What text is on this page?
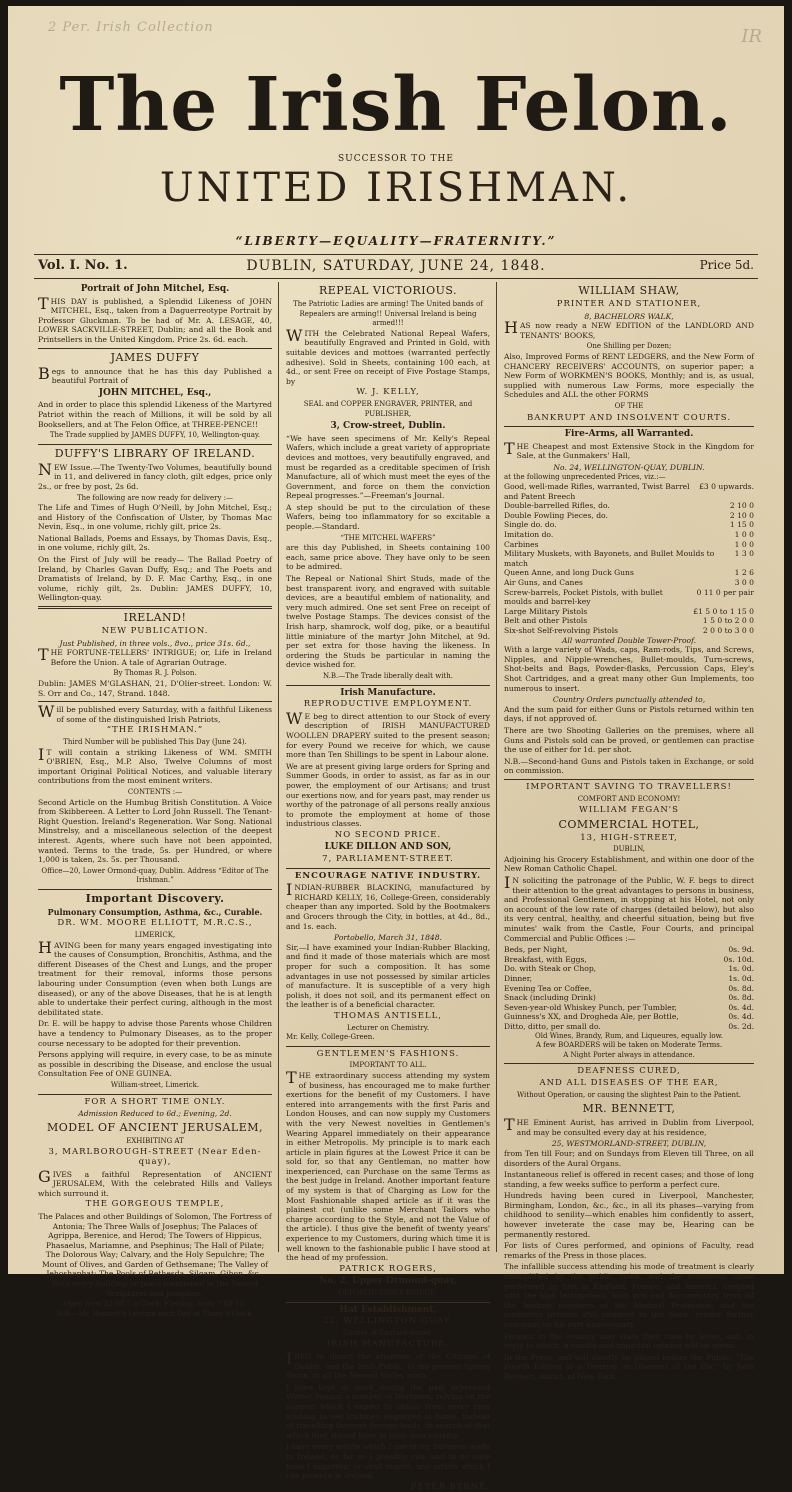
2 Per. Irish Collection	IR
The Irish Felon.
SUCCESSOR TO THE
UNITED IRISHMAN.
“LIBERTY—EQUALITY—FRATERNITY.”
Vol. I. No. 1.	DUBLIN, SATURDAY, JUNE 24, 1848.	Price 5d.
Portrait of John Mitchel, Esq.

THIS DAY is published, a Splendid Likeness of JOHN MITCHEL, Esq., taken from a Daguerreotype Portrait by Professor Gluckman. To be had of Mr. A. LESAGE, 40, LOWER SACKVILLE-STREET, Dublin; and all the Book and Printsellers in the United Kingdom. Price 2s. 6d. each.

JAMES DUFFY

Begs to announce that he has this day Published a beautiful Portrait of

JOHN MITCHEL, Esq.,

And in order to place this splendid Likeness of the Martyred Patriot within the reach of Millions, it will be sold by all Booksellers, and at The Felon Office, at THREE-PENCE!!

The Trade supplied by JAMES DUFFY, 10, Wellington-quay.
DUFFY'S LIBRARY OF IRELAND.

NEW Issue.—The Twenty-Two Volumes, beautifully bound in 11, and delivered in fancy cloth, gilt edges, price only 2s., or free by post, 2s 6d.

The following are now ready for delivery :—

The Life and Times of Hugh O'Neill, by John Mitchel, Esq.; and History of the Confiscation of Ulster, by Thomas Mac Nevin, Esq., in one volume, richly gilt, price 2s.

National Ballads, Poems and Essays, by Thomas Davis, Esq., in one volume, richly gilt, 2s.

On the First of July will be ready— The Ballad Poetry of Ireland, by Charles Gavan Duffy, Esq.; and The Poets and Dramatists of Ireland, by D. F. Mac Carthy, Esq., in one volume, richly gilt, 2s. Dublin: JAMES DUFFY, 10, Wellington-quay.

IRELAND!
NEW PUBLICATION.
Just Published, in three vols., 8vo., price 31s. 6d.,

THE FORTUNE-TELLERS' INTRIGUE; or, Life in Ireland Before the Union. A tale of Agrarian Outrage.

By Thomas R. J. Polson.

Dublin: JAMES M'GLASHAN, 21, D'Olier-street. London: W. S. Orr and Co., 147, Strand. 1848.

Will be published every Saturday, with a faithful Likeness of some of the distinguished Irish Patriots,

“THE IRISHMAN.”
Third Number will be published This Day (June 24).

IT will contain a striking Likeness of WM. SMITH O'BRIEN, Esq., M.P. Also, Twelve Columns of most important Original Political Notices, and valuable literary contributions from the most eminent writers.

CONTENTS :—

Second Article on the Humbug British Constitution. A Voice from Skibbereen. A Letter to Lord John Russell. The Tenant-Right Question. Ireland's Regeneration. War Song. National Minstrelsy, and a miscellaneous selection of the deepest interest. Agents, where such have not been appointed, wanted. Terms to the trade, 5s. per Hundred, or where 1,000 is taken, 2s. 5s. per Thousand.

Office—20, Lower Ormond-quay, Dublin. Address “Editor of The Irishman.”
Important Discovery.
Pulmonary Consumption, Asthma, &c., Curable.
DR. WM. MOORE ELLIOTT, M.R.C.S.,
LIMERICK,

HAVING been for many years engaged investigating into the causes of Consumption, Bronchitis, Asthma, and the different Diseases of the Chest and Lungs, and the proper treatment for their removal, informs those persons labouring under Consumption (even when both Lungs are diseased), or any of the above Diseases, that he is at length able to undertake their perfect curing, although in the most debilitated state.

Dr. E. will be happy to advise those Parents whose Children have a tendency to Pulmonary Diseases, as to the proper course necessary to be adopted for their prevention.

Persons applying will require, in every case, to be as minute as possible in describing the Disease, and enclose the usual Consultation Fee of ONE GUINEA.

William-street, Limerick.
FOR A SHORT TIME ONLY.
Admission Reduced to 6d.; Evening, 2d.
MODEL OF ANCIENT JERUSALEM,
EXHIBITING AT
3, MARLBOROUGH-STREET (Near Eden-quay),

GIVES a faithful Representation of ANCIENT JERUSALEM, With the celebrated Hills and Valleys which surround it.

THE GORGEOUS TEMPLE,

The Palaces and other Buildings of Solomon, The Fortress of Antonia; The Three Walls of Josephus; The Palaces of Agrippa, Berenice, and Herod; The Towers of Hippicus, Phasaelus, Mariamne, and Psephinus; The Hall of Pilate; The Dolorous Way; Calvary, and the Holy Sepulchre; The Mount of Olives, and Garden of Gethsemane; The Valley of Jehoshaphat; The Pools of Bethesda, Siloam, Gihon, &c., With every building or place mentioned in the Sacred Scriptures and Josephus.

Open from 12 till 5 o'Clock; Evening, from 7 till 10.
N.B.—Mr. Bennett's Lecture each Day at Three o'Clock.
REPEAL VICTORIOUS.
The Patriotic Ladies are arming! The United bands of Repealers are arming!! Universal Ireland is being armed!!!

WITH the Celebrated National Repeal Wafers, beautifully Engraved and Printed in Gold, with suitable devices and mottoes (warranted perfectly adhesive). Sold in Sheets, containing 100 each, at 4d., or sent Free on receipt of Five Postage Stamps, by

W. J. KELLY,
SEAL and COPPER ENGRAVER, PRINTER, and PUBLISHER,
3, Crow-street, Dublin.

“We have seen specimens of Mr. Kelly's Repeal Wafers, which include a great variety of appropriate devices and mottoes, very beautifully engraved, and must be regarded as a creditable specimen of Irish Manufacture, all of which must meet the eyes of the Government, and force on them the conviction Repeal progresses.”—Freeman's Journal.

A step should be put to the circulation of these Wafers, being too inflammatory for so excitable a people.—Standard.

“THE MITCHEL WAFERS”

are this day Published, in Sheets containing 100 each, same price above. They have only to be seen to be admired.

The Repeal or National Shirt Studs, made of the best transparent ivory, and engraved with suitable devices, are a beautiful emblem of nationality, and very much admired. One set sent Free on receipt of twelve Postage Stamps. The devices consist of the Irish harp, shamrock, wolf dog, pike, or a beautiful little miniature of the martyr John Mitchel, at 9d. per set extra for those having the likeness. In ordering the Studs be particular in naming the device wished for.

N.B.—The Trade liberally dealt with.
Irish Manufacture.
REPRODUCTIVE EMPLOYMENT.

WE beg to direct attention to our Stock of every description of IRISH MANUFACTURED WOOLLEN DRAPERY suited to the present season; for every Pound we receive for which, we cause more than Ten Shillings to be spent in Labour alone.

We are at present giving large orders for Spring and Summer Goods, in order to assist, as far as in our power, the employment of our Artisans; and trust our exertions now, and for years past, may render us worthy of the patronage of all persons really anxious to promote the employment at home of those industrious classes.

NO SECOND PRICE.
LUKE DILLON AND SON,
7, PARLIAMENT-STREET.
ENCOURAGE NATIVE INDUSTRY.

INDIAN-RUBBER BLACKING, manufactured by RICHARD KELLY, 16, College-Green, considerably cheaper than any imported. Sold by the Bootmakers and Grocers through the City, in bottles, at 4d., 8d., and 1s. each.

Portobello, March 31, 1848.

Sir,—I have examined your Indian-Rubber Blacking, and find it made of those materials which are most proper for such a composition. It has some advantages in use not possessed by similar articles of manufacture. It is susceptible of a very high polish, it does not soil, and its permanent effect on the leather is of a beneficial character.

THOMAS ANTISELL,
Lecturer on Chemistry.
Mr. Kelly, College-Green.
GENTLEMEN'S FASHIONS.
IMPORTANT TO ALL.

THE extraordinary success attending my system of business, has encouraged me to make further exertions for the benefit of my Customers. I have entered into arrangements with the first Paris and London Houses, and can now supply my Customers with the very Newest novelties in Gentlemen's Wearing Apparel immediately on their appearance in either Metropolis. My principle is to mark each article in plain figures at the Lowest Price it can be sold for, so that any Gentleman, no matter how inexperienced, can Purchase on the same Terms as the best judge in Ireland. Another important feature of my system is that of Charging as Low for the Most Fashionable shaped article as if it was the plainest cut (unlike some Merchant Tailors who charge according to the Style, and not the Value of the article). I thus give the benefit of twenty years' experience to my Customers, during which time it is well known to the fashionable public I have stood at the head of my profession.

PATRICK ROGERS,
No. 2, Upper Ormond-quay,
OPPOSITE ESSEX-BRIDGE.
Hat Establishment,
22, WELLINGTON-QUAY,
Corner of Eustace-street.
IRISH MANUFACTURE.

IBEG to direct the attention of the Citizens of Dublin, and the Irish Public, to my present Spring Stock, in all the Newest Styles worn.

I have kept at work during the past depressed Winter Season a number of Workmen, relying on the support which I expect to obtain from every man wishing to see Irishmen employed at home, instead of travelling through foreign lands, in search of that which they should have in their own country.

I have every article which I use in my business made in Ireland, as far as I possibly can; and in no case have I imported, or shall import, any article which I can procure in Ireland.

PETER BYRNE.
WILLIAM SHAW,
PRINTER AND STATIONER,
8, BACHELORS WALK,

HAS now ready a NEW EDITION of the LANDLORD AND TENANTS' BOOKS,

One Shilling per Dozen;

Also, Improved Forms of RENT LEDGERS, and the New Form of CHANCERY RECEIVERS' ACCOUNTS, on superior paper; a New Form of WORKMEN'S BOOKS, Monthly; and is, as usual, supplied with numerous Law Forms, more especially the Schedules and ALL the other FORMS

OF THE
BANKRUPT AND INSOLVENT COURTS.
Fire-Arms, all Warranted.

THE Cheapest and most Extensive Stock in the Kingdom for Sale, at the Gunmakers' Hall,

No. 24, WELLINGTON-QUAY, DUBLIN.
at the following unprecedented Prices, viz.:—
Good, well-made Rifles, warranted, Twist Barrel and Patent Breech
£3 0 upwards.
Double-barrelled Rifles, do.	2 10 0
Double Fowling Pieces, do.	2 10 0
Single do. do.	1 15 0
Imitation do.	1 0 0
Carbines	1 0 0
Military Muskets, with Bayonets, and Bullet Moulds to match
1 3 0
Queen Anne, and long Duck Guns	1 2 6
Air Guns, and Canes	3 0 0
Screw-barrels, Pocket Pistols, with bullet moulds and barrel-key
0 11 0 per pair
Large Military Pistols	£1 5 0 to 1 15 0
Belt and other Pistols	1 5 0 to 2 0 0
Six-shot Self-revolving Pistols	2 0 0 to 3 0 0
All warranted Double Tower-Proof.

With a large variety of Wads, caps, Ram-rods, Tips, and Screws, Nipples, and Nipple-wrenches, Bullet-moulds, Turn-screws, Shot-belts and Bags, Powder-flasks, Percussion Caps, Eley's Shot Cartridges, and a great many other Gun Implements, too numerous to insert.

Country Orders punctually attended to,

And the sum paid for either Guns or Pistols returned within ten days, if not approved of.

There are two Shooting Galleries on the premises, where all Guns and Pistols sold can be proved, or gentlemen can practise the use of either for 1d. per shot.

N.B.—Second-hand Guns and Pistols taken in Exchange, or sold on commission.

IMPORTANT SAVING TO TRAVELLERS!
COMFORT AND ECONOMY!
WILLIAM FEGAN'S
COMMERCIAL HOTEL,
13, HIGH-STREET,
DUBLIN,

Adjoining his Grocery Establishment, and within one door of the New Roman Catholic Chapel.

IN soliciting the patronage of the Public, W. F. begs to direct their attention to the great advantages to persons in business, and Professional Gentlemen, in stopping at his Hotel, not only on account of the low rate of charges (detailed below), but also its very central, healthy, and cheerful situation, being but five minutes' walk from the Castle, Four Courts, and principal Commercial and Public Offices :—

Beds, per Night,	0s. 9d.
Breakfast, with Eggs,	0s. 10d.
Do. with Steak or Chop,	1s. 0d.
Dinner,	1s. 0d.
Evening Tea or Coffee,	0s. 8d.
Snack (including Drink)	0s. 8d.
Seven-year-old Whiskey Punch, per Tumbler,	0s. 4d.
Guinness's XX, and Drogheda Ale, per Bottle,	0s. 4d.
Ditto, ditto, per small do.	0s. 2d.
Old Wines, Brandy, Rum, and Liqueures, equally low.
A few BOARDERS will be taken on Moderate Terms.
A Night Porter always in attendance.
DEAFNESS CURED,
AND ALL DISEASES OF THE EAR,
Without Operation, or causing the slightest Pain to the Patient.
MR. BENNETT,

THE Eminent Aurist, has arrived in Dublin from Liverpool, and may be consulted every day at his residence,

25, WESTMORLAND-STREET, DUBLIN,

from Ten till Four; and on Sundays from Eleven till Three, on all disorders of the Aural Organs.

Instantaneous relief is offered in recent cases; and those of long standing, a few weeks suffice to perform a perfect cure.

Hundreds having been cured in Liverpool, Manchester, Birmingham, London, &c., &c., in all its phases—varying from childhood to senility—which enables him confidently to assert, however inveterate the case may be, Hearing can be permanently restored.

For lists of Cures performed, and opinions of Faculty, read remarks of the Press in those places.

The infallible success attending his mode of treatment is clearly exemplified by the public voice, and the numerous cases performed by him in England, France, and America, coupled with the high testimonials, both oral and documentary, from all the leading members of the Medical Profession, and the numerous persons still resident in the town, render further comment on his part unnecessary.

Persons in the country may state their case by letter, and, in reply to which, a candid and impartial opinion will be given.

In the Press, and will shortly be placed before the Public, “The Fourth Edition of a Treatise on Diseases of the Ear,” by John Bennett, Aurist, of New York.
